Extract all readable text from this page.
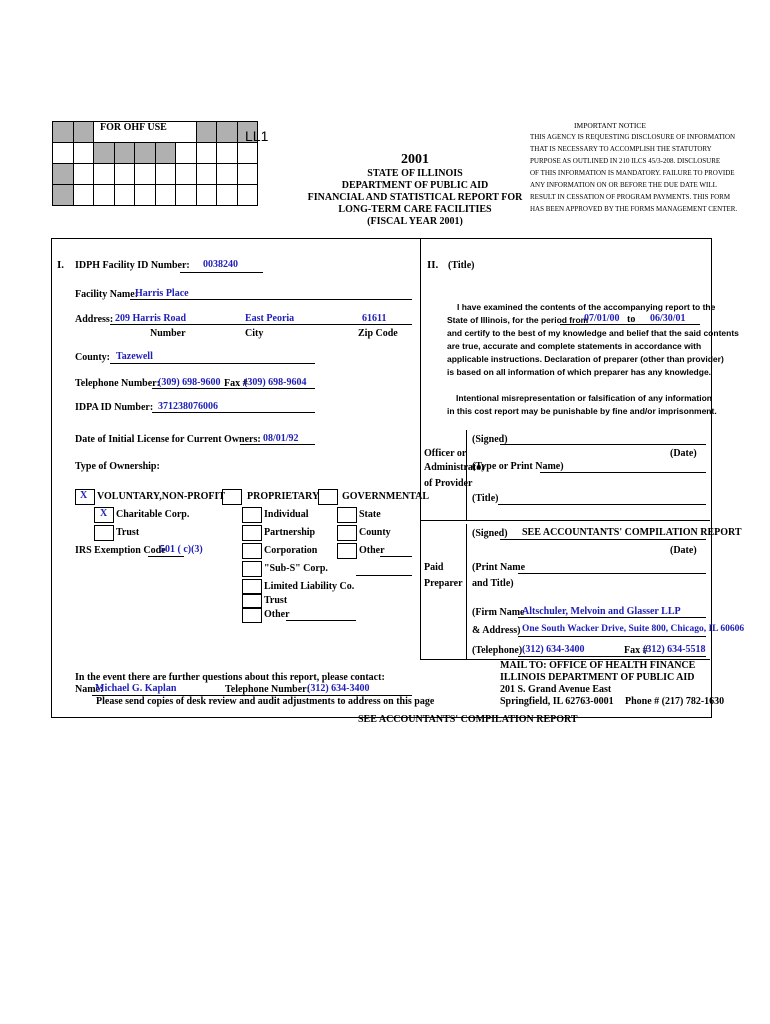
FOR OHF USE
LL1
2001
STATE OF ILLINOIS
DEPARTMENT OF PUBLIC AID
FINANCIAL AND STATISTICAL REPORT FOR
LONG-TERM CARE FACILITIES
(FISCAL YEAR 2001)
IMPORTANT NOTICE
THIS AGENCY IS REQUESTING DISCLOSURE OF INFORMATION
THAT IS NECESSARY TO ACCOMPLISH THE STATUTORY
PURPOSE AS OUTLINED IN 210 ILCS 45/3-208. DISCLOSURE
OF THIS INFORMATION IS MANDATORY. FAILURE TO PROVIDE
ANY INFORMATION ON OR BEFORE THE DUE DATE WILL
RESULT IN CESSATION OF PROGRAM PAYMENTS. THIS FORM
HAS BEEN APPROVED BY THE FORMS MANAGEMENT CENTER.
I. IDPH Facility ID Number: 0038240
Facility Name:
Harris Place
Address: 209 Harris Road	East Peoria	61611
Number	City	Zip Code
County: Tazewell
Telephone Number:
(309) 698-9600 Fax #
(309) 698-9604
IDPA ID Number: 371238076006
Date of Initial License for Current Owners: 08/01/92
Type of Ownership:
X VOLUNTARY,NON-PROFIT
X Charitable Corp.
Trust
IRS Exemption Code
501 ( c)(3)
PROPRIETARY
Individual
Partnership
Corporation
"Sub-S" Corp.
Limited Liability Co.
Trust
Other
GOVERNMENTAL
State
County
Other
In the event there are further questions about this report, please contact:
Name:
Michael G. Kaplan	Telephone Number:
(312) 634-3400
Please send copies of desk review and audit adjustments to address on this page
II. (Title)
I have examined the contents of the accompanying report to the
State of Illinois, for the period from
07/01/00 to 06/30/01
and certify to the best of my knowledge and belief that the said contents
are true, accurate and complete statements in accordance with
applicable instructions. Declaration of preparer (other than provider)
is based on all information of which preparer has any knowledge.
Intentional misrepresentation or falsification of any information
in this cost report may be punishable by fine and/or imprisonment.
Officer or
Administrator
of Provider
(Signed)
(Date)
(Type or Print Name)
(Title)
(Signed) SEE ACCOUNTANTS' COMPILATION REPORT
(Date)
Paid
Preparer
(Print Name
and Title)
(Firm Name
Altschuler, Melvoin and Glasser LLP
& Address) One South Wacker Drive, Suite 800, Chicago, IL 60606
(Telephone) (312) 634-3400	Fax #
(312) 634-5518
MAIL TO: OFFICE OF HEALTH FINANCE
ILLINOIS DEPARTMENT OF PUBLIC AID
201 S. Grand Avenue East
Springfield, IL 62763-0001 Phone # (217) 782-1630
SEE ACCOUNTANTS' COMPILATION REPORT
